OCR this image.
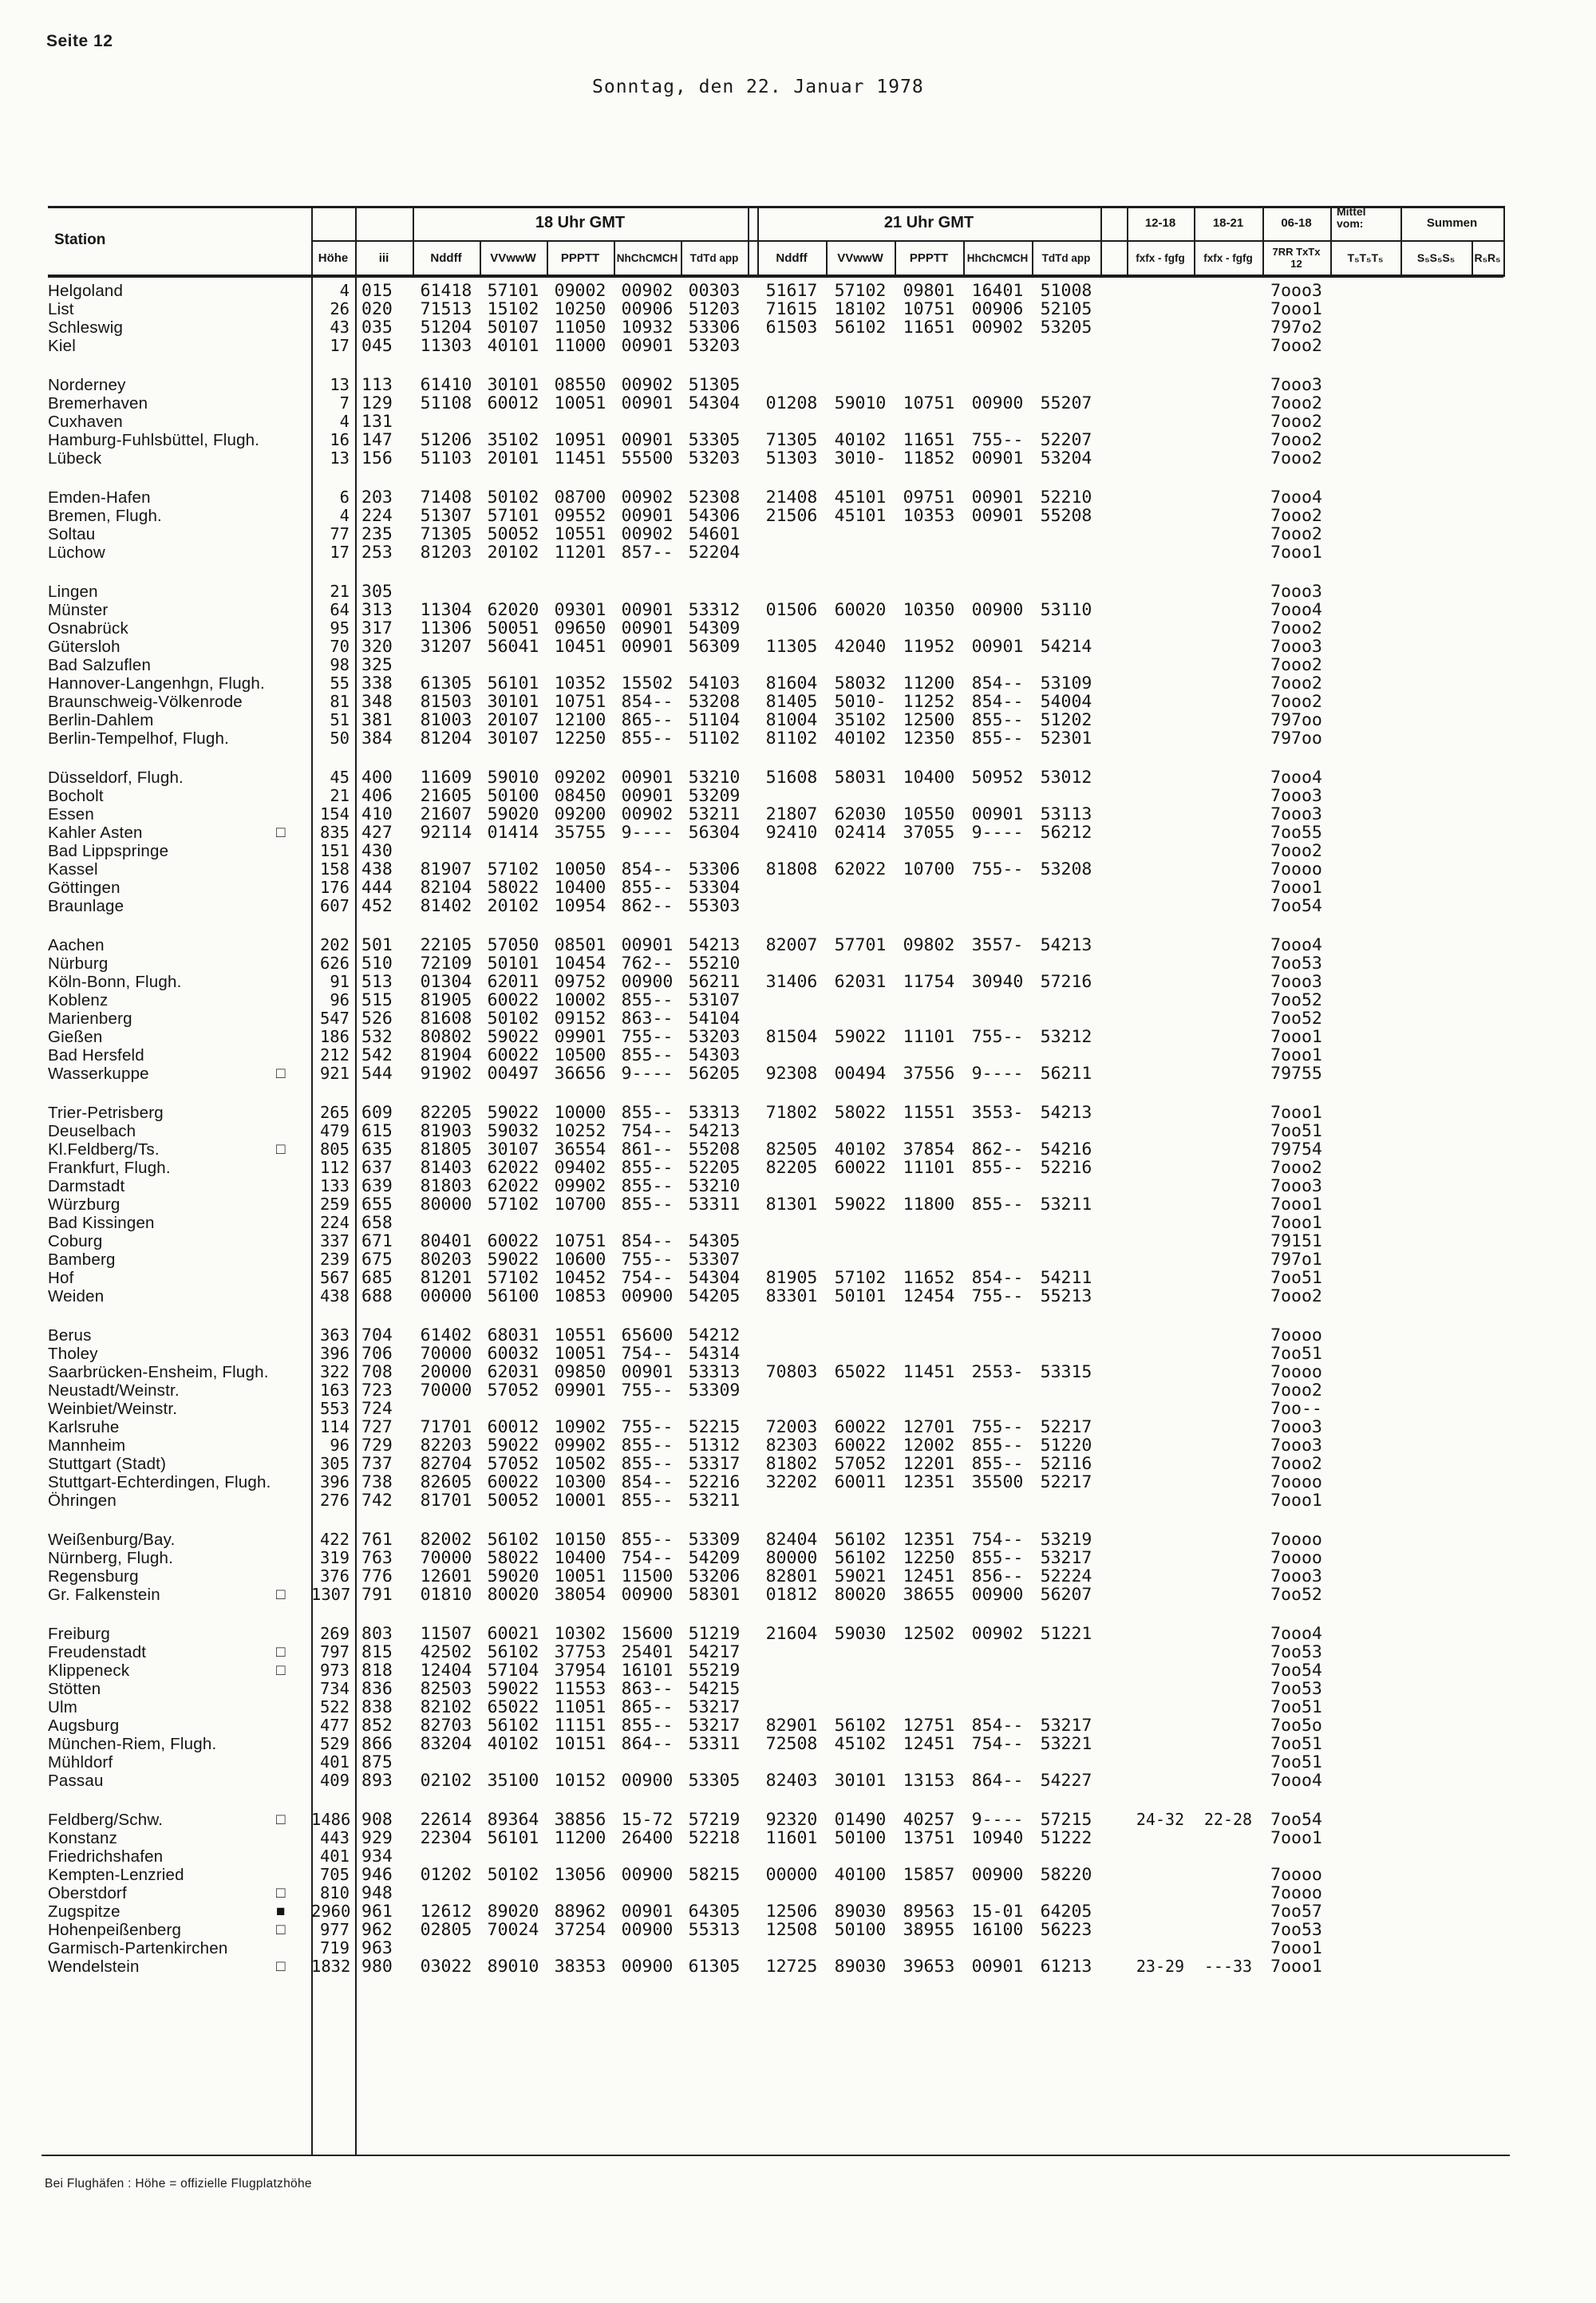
Seite 12
Sonntag, den 22. Januar 1978
Station
18 Uhr GMT	21 Uhr GMT	12-18	18-21	06-18
Mittel
vom:	Summen
Höhe	iii	Nddff	VVwwW	PPPTT	NhChCMCH	TdTd app	Nddff	VVwwW	PPPTT	HhChCMCH	TdTd app	fxfx - fgfg	fxfx - fgfg	7RR TxTx
12	T₅T₅T₅	S₅S₅S₅	R₅R₅
Helgoland	4 015	61418 57101 09002 00902 00303	51617 57102 09801 16401 51008	7ooo3
List	26 020	71513 15102 10250 00906 51203	71615 18102 10751 00906 52105	7ooo1
Schleswig	43 035	51204 50107 11050 10932 53306	61503 56102 11651 00902 53205	797o2
Kiel	17 045	11303 40101 11000 00901 53203	7ooo2
Norderney	13 113	61410 30101 08550 00902 51305	7ooo3
Bremerhaven	7 129	51108 60012 10051 00901 54304	01208 59010 10751 00900 55207	7ooo2
Cuxhaven	4 131	7ooo2
Hamburg-Fuhlsbüttel, Flugh.	16 147	51206 35102 10951 00901 53305	71305 40102 11651 755-- 52207	7ooo2
Lübeck	13 156	51103 20101 11451 55500 53203	51303 3010- 11852 00901 53204	7ooo2
Emden-Hafen	6 203	71408 50102 08700 00902 52308	21408 45101 09751 00901 52210	7ooo4
Bremen, Flugh.	4 224	51307 57101 09552 00901 54306	21506 45101 10353 00901 55208	7ooo2
Soltau	77 235	71305 50052 10551 00902 54601	7ooo2
Lüchow	17 253	81203 20102 11201 857-- 52204	7ooo1
Lingen	21 305	7ooo3
Münster	64 313	11304 62020 09301 00901 53312	01506 60020 10350 00900 53110	7ooo4
Osnabrück	95 317	11306 50051 09650 00901 54309	7ooo2
Gütersloh	70 320	31207 56041 10451 00901 56309	11305 42040 11952 00901 54214	7ooo3
Bad Salzuflen	98 325	7ooo2
Hannover-Langenhgn, Flugh.	55 338	61305 56101 10352 15502 54103	81604 58032 11200 854-- 53109	7ooo2
Braunschweig-Völkenrode	81 348	81503 30101 10751 854-- 53208	81405 5010- 11252 854-- 54004	7ooo2
Berlin-Dahlem	51 381	81003 20107 12100 865-- 51104	81004 35102 12500 855-- 51202	797oo
Berlin-Tempelhof, Flugh.	50 384	81204 30107 12250 855-- 51102	81102 40102 12350 855-- 52301	797oo
Düsseldorf, Flugh.	45 400	11609 59010 09202 00901 53210	51608 58031 10400 50952 53012	7ooo4
Bocholt	21 406	21605 50100 08450 00901 53209	7ooo3
Essen	154 410	21607 59020 09200 00902 53211	21807 62030 10550 00901 53113	7ooo3
Kahler Asten	□	835 427	92114 01414 35755 9---- 56304	92410 02414 37055 9---- 56212	7oo55
Bad Lippspringe	151 430	7ooo2
Kassel	158 438	81907 57102 10050 854-- 53306	81808 62022 10700 755-- 53208	7oooo
Göttingen	176 444	82104 58022 10400 855-- 53304	7ooo1
Braunlage	607 452	81402 20102 10954 862-- 55303	7oo54
Aachen	202 501	22105 57050 08501 00901 54213	82007 57701 09802 3557- 54213	7ooo4
Nürburg	626 510	72109 50101 10454 762-- 55210	7oo53
Köln-Bonn, Flugh.	91 513	01304 62011 09752 00900 56211	31406 62031 11754 30940 57216	7ooo3
Koblenz	96 515	81905 60022 10002 855-- 53107	7oo52
Marienberg	547 526	81608 50102 09152 863-- 54104	7oo52
Gießen	186 532	80802 59022 09901 755-- 53203	81504 59022 11101 755-- 53212	7ooo1
Bad Hersfeld	212 542	81904 60022 10500 855-- 54303	7ooo1
Wasserkuppe	□	921 544	91902 00497 36656 9---- 56205	92308 00494 37556 9---- 56211	79755
Trier-Petrisberg	265 609	82205 59022 10000 855-- 53313	71802 58022 11551 3553- 54213	7ooo1
Deuselbach	479 615	81903 59032 10252 754-- 54213	7oo51
Kl.Feldberg/Ts.	□	805 635	81805 30107 36554 861-- 55208	82505 40102 37854 862-- 54216	79754
Frankfurt, Flugh.	112 637	81403 62022 09402 855-- 52205	82205 60022 11101 855-- 52216	7ooo2
Darmstadt	133 639	81803 62022 09902 855-- 53210	7ooo3
Würzburg	259 655	80000 57102 10700 855-- 53311	81301 59022 11800 855-- 53211	7ooo1
Bad Kissingen	224 658	7ooo1
Coburg	337 671	80401 60022 10751 854-- 54305	79151
Bamberg	239 675	80203 59022 10600 755-- 53307	797o1
Hof	567 685	81201 57102 10452 754-- 54304	81905 57102 11652 854-- 54211	7oo51
Weiden	438 688	00000 56100 10853 00900 54205	83301 50101 12454 755-- 55213	7ooo2
Berus	363 704	61402 68031 10551 65600 54212	7oooo
Tholey	396 706	70000 60032 10051 754-- 54314	7oo51
Saarbrücken-Ensheim, Flugh.	322 708	20000 62031 09850 00901 53313	70803 65022 11451 2553- 53315	7oooo
Neustadt/Weinstr.	163 723	70000 57052 09901 755-- 53309	7ooo2
Weinbiet/Weinstr.	553 724	7oo--
Karlsruhe	114 727	71701 60012 10902 755-- 52215	72003 60022 12701 755-- 52217	7ooo3
Mannheim	96 729	82203 59022 09902 855-- 51312	82303 60022 12002 855-- 51220	7ooo3
Stuttgart (Stadt)	305 737	82704 57052 10502 855-- 53317	81802 57052 12201 855-- 52116	7ooo2
Stuttgart-Echterdingen, Flugh.	396 738	82605 60022 10300 854-- 52216	32202 60011 12351 35500 52217	7oooo
Öhringen	276 742	81701 50052 10001 855-- 53211	7ooo1
Weißenburg/Bay.	422 761	82002 56102 10150 855-- 53309	82404 56102 12351 754-- 53219	7oooo
Nürnberg, Flugh.	319 763	70000 58022 10400 754-- 54209	80000 56102 12250 855-- 53217	7oooo
Regensburg	376 776	12601 59020 10051 11500 53206	82801 59021 12451 856-- 52224	7ooo3
Gr. Falkenstein	□ 1307 791	01810 80020 38054 00900 58301	01812 80020 38655 00900 56207	7oo52
Freiburg	269 803	11507 60021 10302 15600 51219	21604 59030 12502 00902 51221	7ooo4
Freudenstadt	□	797 815	42502 56102 37753 25401 54217	7oo53
Klippeneck	□	973 818	12404 57104 37954 16101 55219	7oo54
Stötten	734 836	82503 59022 11553 863-- 54215	7oo53
Ulm	522 838	82102 65022 11051 865-- 53217	7oo51
Augsburg	477 852	82703 56102 11151 855-- 53217	82901 56102 12751 854-- 53217	7oo5o
München-Riem, Flugh.	529 866	83204 40102 10151 864-- 53311	72508 45102 12451 754-- 53221	7oo51
Mühldorf	401 875	7oo51
Passau	409 893	02102 35100 10152 00900 53305	82403 30101 13153 864-- 54227	7ooo4
Feldberg/Schw.	□ 1486 908	22614 89364 38856 15-72 57219	92320 01490 40257 9---- 57215	24-32	22-28	7oo54
Konstanz	443 929	22304 56101 11200 26400 52218	11601 50100 13751 10940 51222	7ooo1
Friedrichshafen	401 934
Kempten-Lenzried	705 946	01202 50102 13056 00900 58215	00000 40100 15857 00900 58220	7oooo
Oberstdorf	□	810 948	7oooo
Zugspitze	■ 2960 961	12612 89020 88962 00901 64305	12506 89030 89563 15-01 64205	7oo57
Hohenpeißenberg	□	977 962	02805 70024 37254 00900 55313	12508 50100 38955 16100 56223	7oo53
Garmisch-Partenkirchen	719 963	7ooo1
Wendelstein	□ 1832 980	03022 89010 38353 00900 61305	12725 89030 39653 00901 61213	23-29	---33	7ooo1
Bei Flughäfen : Höhe = offizielle Flugplatzhöhe
